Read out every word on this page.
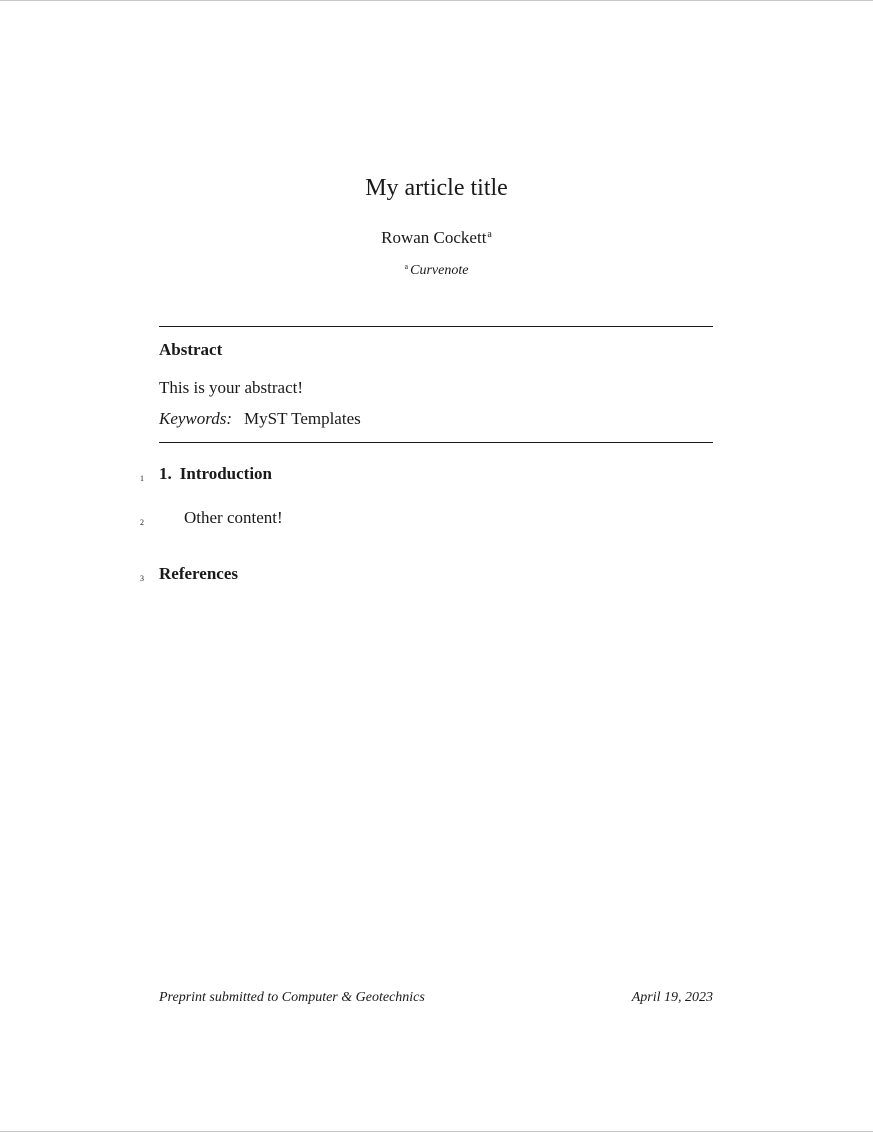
My article title
Rowan Cockett$^a$
$^a$ Curvenote
Abstract
This is your abstract!
Keywords: MyST Templates
1
2
3
1. Introduction
Other content!
References
Preprint submitted to Computer & Geotechnics	April 19, 2023
